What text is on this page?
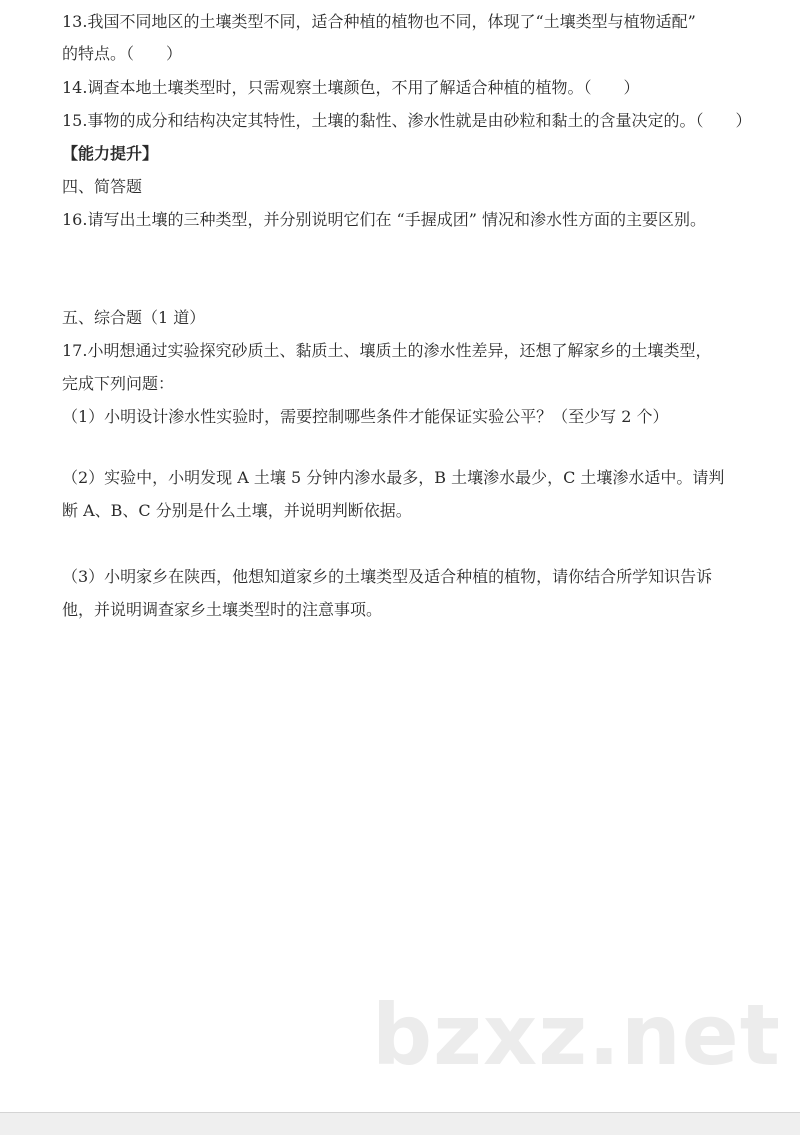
13.我国不同地区的土壤类型不同，适合种植的植物也不同，体现了“土壤类型与植物适配”
的特点。（　　）
14.调查本地土壤类型时，只需观察土壤颜色，不用了解适合种植的植物。（　　）
15.事物的成分和结构决定其特性，土壤的黏性、渗水性就是由砂粒和黏土的含量决定的。（　　）
【能力提升】
四、简答题
16.请写出土壤的三种类型，并分别说明它们在 “手握成团” 情况和渗水性方面的主要区别。
五、综合题（1 道）
17.小明想通过实验探究砂质土、黏质土、壤质土的渗水性差异，还想了解家乡的土壤类型，
完成下列问题：
（1）小明设计渗水性实验时，需要控制哪些条件才能保证实验公平？（至少写 2 个）
（2）实验中，小明发现 A 土壤 5 分钟内渗水最多，B 土壤渗水最少，C 土壤渗水适中。请判
断 A、B、C 分别是什么土壤，并说明判断依据。
（3）小明家乡在陕西，他想知道家乡的土壤类型及适合种植的植物，请你结合所学知识告诉
他，并说明调查家乡土壤类型时的注意事项。
bzxz.net
